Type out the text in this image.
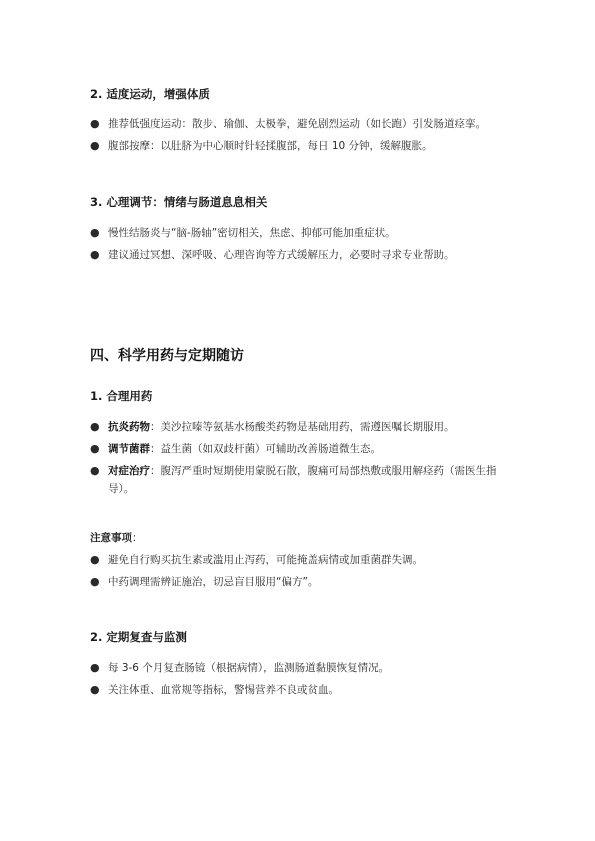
2. 适度运动，增强体质
● 推荐低强度运动：散步、瑜伽、太极拳，避免剧烈运动（如长跑）引发肠道痉挛。
● 腹部按摩：以肚脐为中心顺时针轻揉腹部，每日 10 分钟，缓解腹胀。
3. 心理调节：情绪与肠道息息相关
● 慢性结肠炎与“脑-肠轴”密切相关，焦虑、抑郁可能加重症状。
● 建议通过冥想、深呼吸、心理咨询等方式缓解压力，必要时寻求专业帮助。
四、科学用药与定期随访
1. 合理用药
● 抗炎药物：美沙拉嗪等氨基水杨酸类药物是基础用药，需遵医嘱长期服用。
● 调节菌群：益生菌（如双歧杆菌）可辅助改善肠道微生态。
● 对症治疗：腹泻严重时短期使用蒙脱石散，腹痛可局部热敷或服用解痉药（需医生指导）。
注意事项：
● 避免自行购买抗生素或滥用止泻药，可能掩盖病情或加重菌群失调。
● 中药调理需辨证施治，切忌盲目服用“偏方”。
2. 定期复查与监测
● 每 3-6 个月复查肠镜（根据病情），监测肠道黏膜恢复情况。
● 关注体重、血常规等指标，警惕营养不良或贫血。
